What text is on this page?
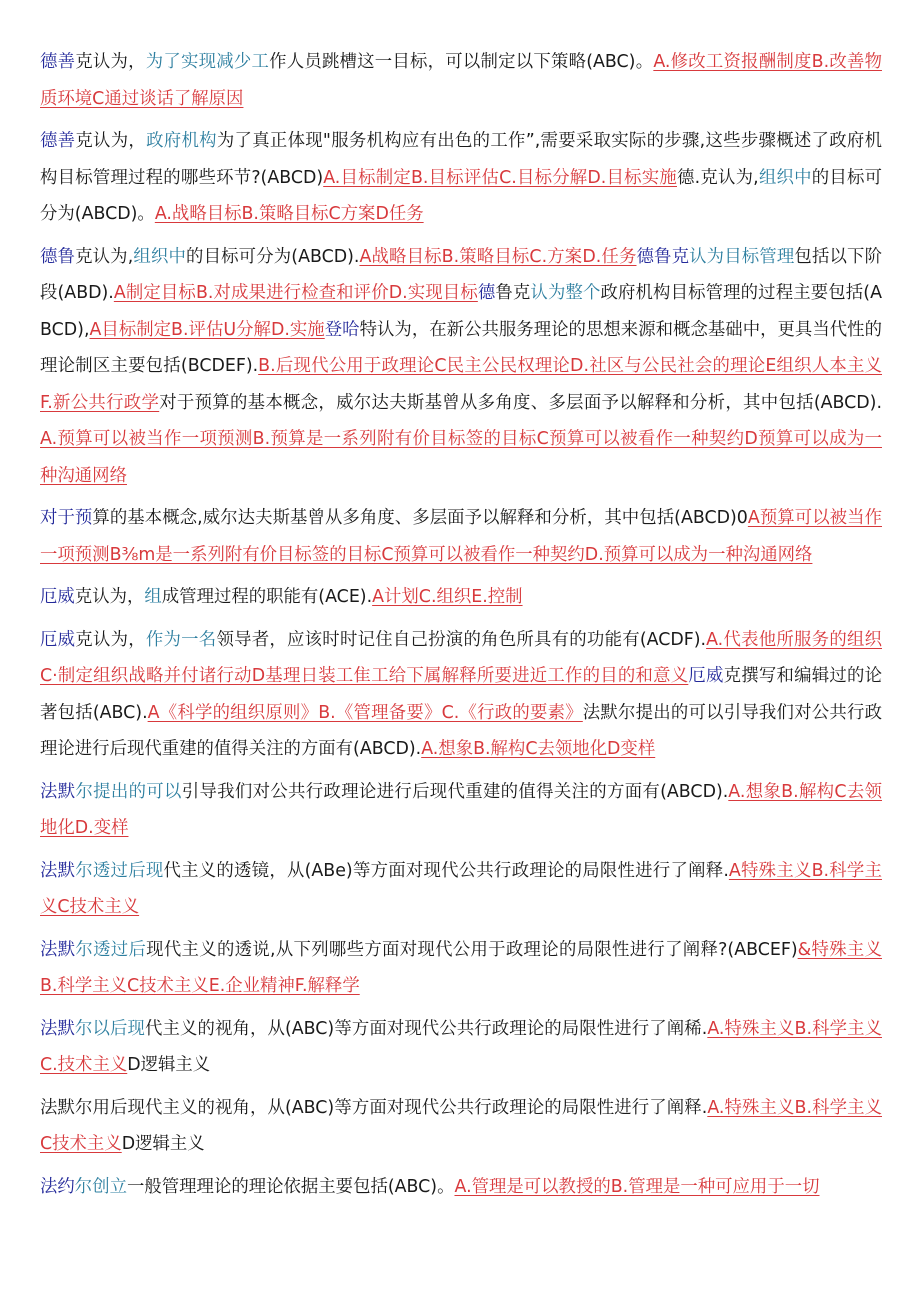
德善克认为，为了实现减少工作人员跳槽这一目标，可以制定以下策略(ABC)。A.修改工资报酬制度B.改善物质环境C通过谈话了解原因

德善克认为，政府机构为了真正体现"服务机构应有出色的工作”,需要采取实际的步骤,这些步骤概述了政府机构目标管理过程的哪些环节?(ABCD)A.目标制定B.目标评估C.目标分解D.目标实施德.克认为,组织中的目标可分为(ABCD)。A.战略目标B.策略目标C方案D任务

德鲁克认为,组织中的目标可分为(ABCD).A战略目标B.策略目标C.方案D.任务德鲁克认为目标管理包括以下阶段(ABD).A制定目标B.对成果进行检查和评价D.实现目标德鲁克认为整个政府机构目标管理的过程主要包括(ABCD),A目标制定B.评估U分解D.实施登哈特认为，在新公共服务理论的思想来源和概念基础中，更具当代性的理论制区主要包括(BCDEF).B.后现代公用于政理论C民主公民权理论D.社区与公民社会的理论E组织人本主义F.新公共行政学对于预算的基本概念，威尔达夫斯基曾从多角度、多层面予以解释和分析，其中包括(ABCD).A.预算可以被当作一项预测B.预算是一系列附有价目标签的目标C预算可以被看作一种契约D预算可以成为一种沟通网络

对于预算的基本概念,威尔达夫斯基曾从多角度、多层面予以解释和分析，其中包括(ABCD)0A预算可以被当作一项预测B⅜m是一系列附有价目标签的目标C预算可以被看作一种契约D.预算可以成为一种沟通网络

厄威克认为，组成管理过程的职能有(ACE).A计划C.组织E.控制

厄威克认为，作为一名领导者，应该时时记住自己扮演的角色所具有的功能有(ACDF).A.代表他所服务的组织C·制定组织战略并付诸行动D基理日装工隹工给下属解释所要进近工作的目的和意义厄威克撰写和编辑过的论著包括(ABC).A《科学的组织原则》B.《管理备要》C.《行政的要素》法默尔提出的可以引导我们对公共行政理论进行后现代重建的值得关注的方面有(ABCD).A.想象B.解构C去领地化D变样

法默尔提出的可以引导我们对公共行政理论进行后现代重建的值得关注的方面有(ABCD).A.想象B.解构C去领地化D.变样

法默尔透过后现代主义的透镜，从(ABe)等方面对现代公共行政理论的局限性进行了阐释.A特殊主义B.科学主义C技术主义

法默尔透过后现代主义的透说,从下列哪些方面对现代公用于政理论的局限性进行了阐释?(ABCEF)&特殊主义B.科学主义C技术主义E.企业精神F.解释学

法默尔以后现代主义的视角，从(ABC)等方面对现代公共行政理论的局限性进行了阐稀.A.特殊主义B.科学主义C.技术主义D逻辑主义

法默尔用后现代主义的视角，从(ABC)等方面对现代公共行政理论的局限性进行了阐释.A.特殊主义B.科学主义C技术主义D逻辑主义

法约尔创立一般管理理论的理论依据主要包括(ABC)。A.管理是可以教授的B.管理是一种可应用于一切
